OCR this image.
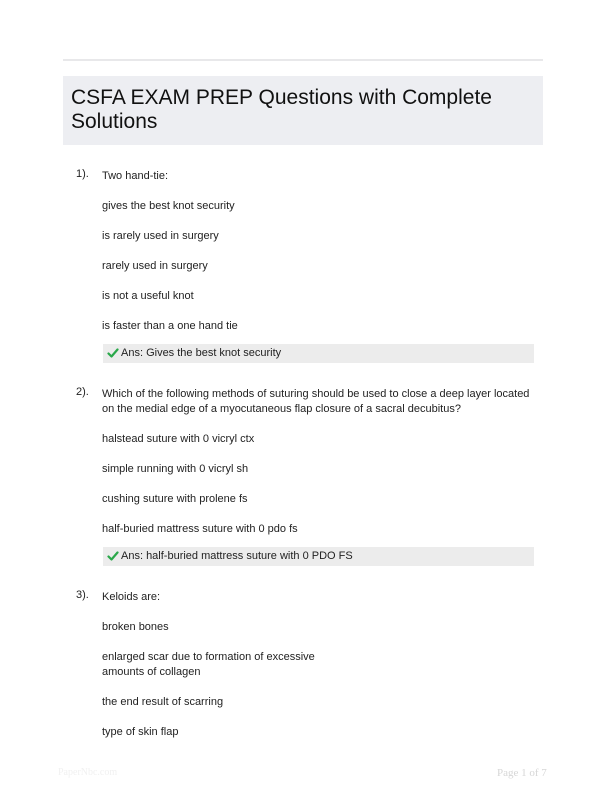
CSFA EXAM PREP Questions with Complete Solutions
1). Two hand-tie:
gives the best knot security
is rarely used in surgery
rarely used in surgery
is not a useful knot
is faster than a one hand tie
Ans: Gives the best knot security
2). Which of the following methods of suturing should be used to close a deep layer located on the medial edge of a myocutaneous flap closure of a sacral decubitus?
halstead suture with 0 vicryl ctx
simple running with 0 vicryl sh
cushing suture with prolene fs
half-buried mattress suture with 0 pdo fs
Ans: half-buried mattress suture with 0 PDO FS
3). Keloids are:
broken bones
enlarged scar due to formation of excessive amounts of collagen
the end result of scarring
type of skin flap
PaperNbc.com	Page 1 of 7
